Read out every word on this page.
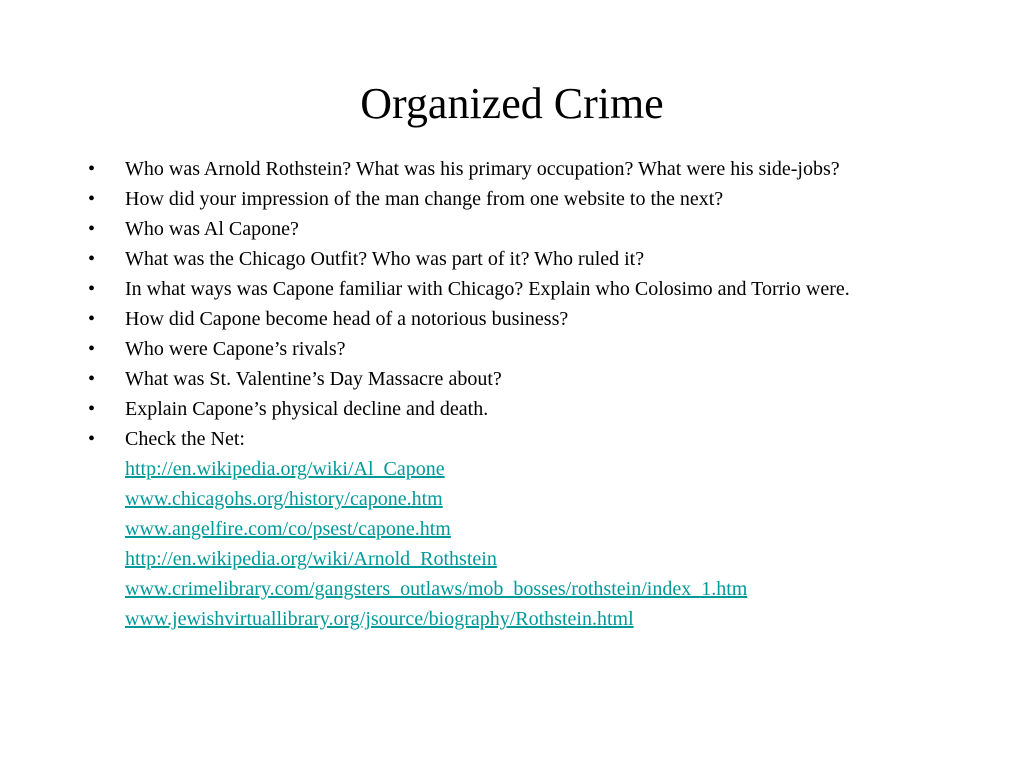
Organized Crime
• Who was Arnold Rothstein? What was his primary occupation? What were his side-jobs?
• How did your impression of the man change from one website to the next?
• Who was Al Capone?
• What was the Chicago Outfit? Who was part of it? Who ruled it?
• In what ways was Capone familiar with Chicago? Explain who Colosimo and Torrio were.
• How did Capone become head of a notorious business?
• Who were Capone’s rivals?
• What was St. Valentine’s Day Massacre about?
• Explain Capone’s physical decline and death.
• Check the Net:
http://en.wikipedia.org/wiki/Al_Capone
www.chicagohs.org/history/capone.htm
www.angelfire.com/co/psest/capone.htm
http://en.wikipedia.org/wiki/Arnold_Rothstein
www.crimelibrary.com/gangsters_outlaws/mob_bosses/rothstein/index_1.htm
www.jewishvirtuallibrary.org/jsource/biography/Rothstein.html
